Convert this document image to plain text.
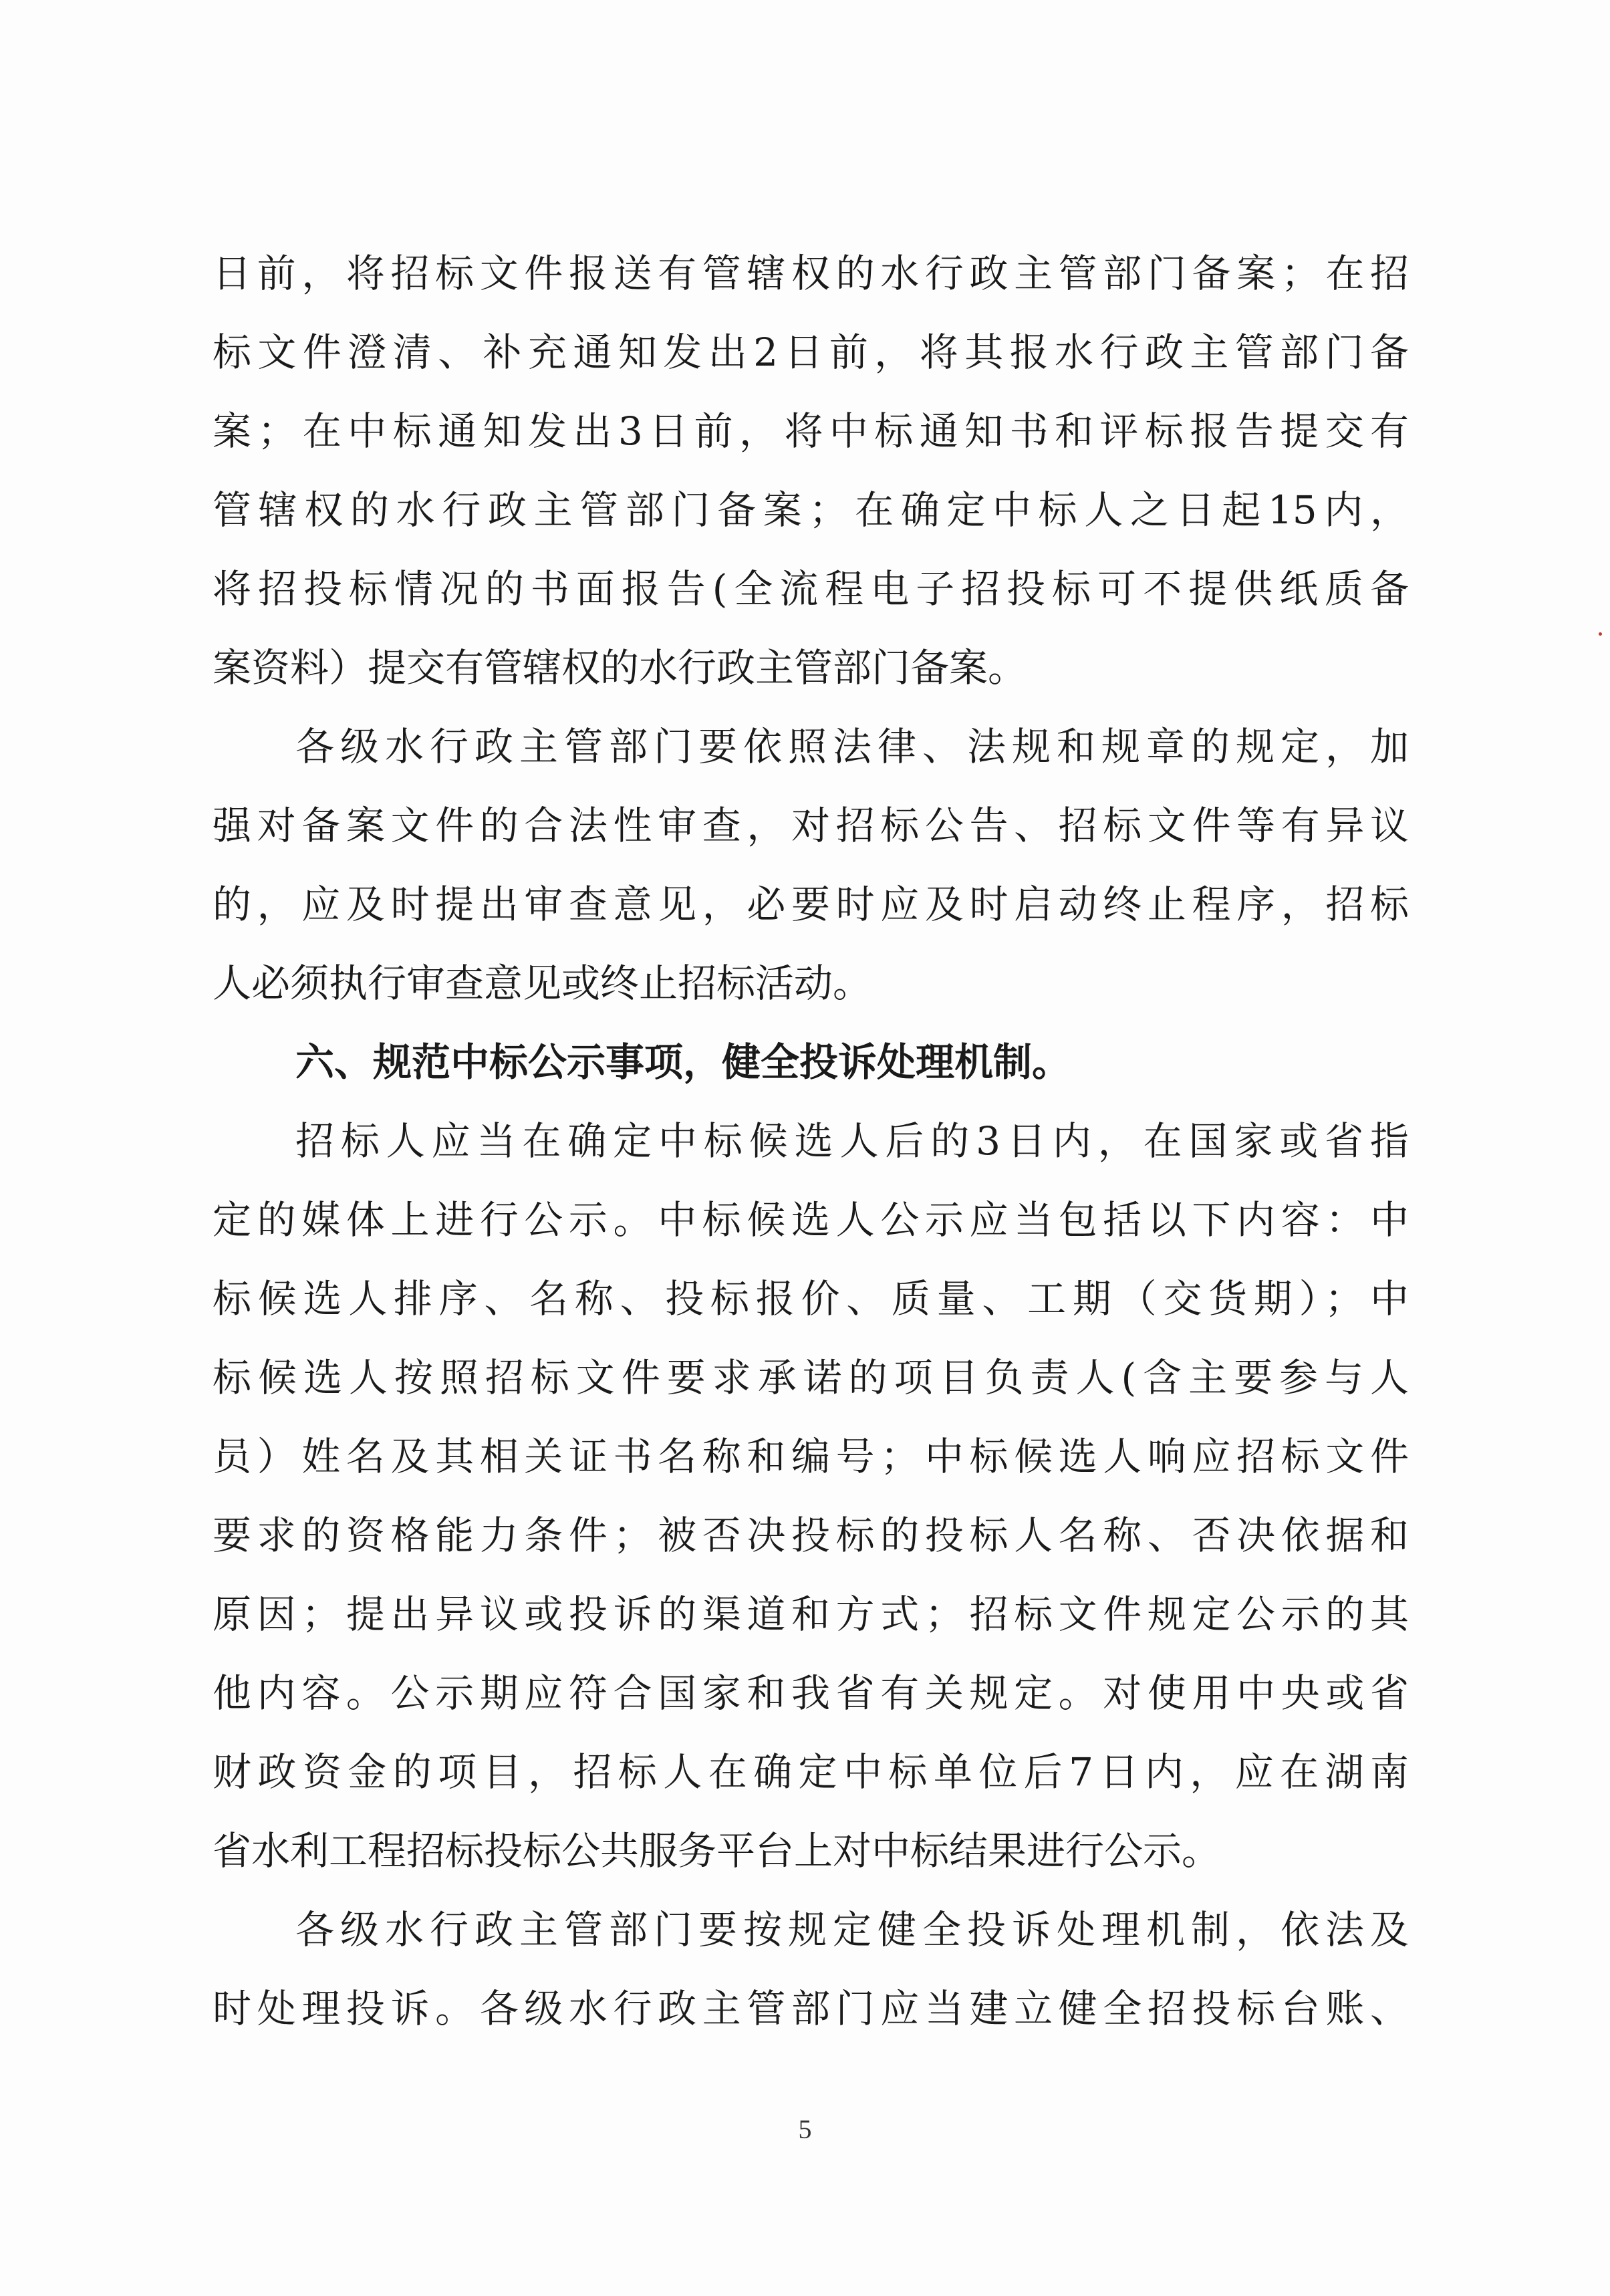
日前，将招标文件报送有管辖权的水行政主管部门备案；在招
标文件澄清、补充通知发出2日前，将其报水行政主管部门备
案；在中标通知发出3日前，将中标通知书和评标报告提交有
管辖权的水行政主管部门备案；在确定中标人之日起15内，
将招投标情况的书面报告(全流程电子招投标可不提供纸质备
案资料）提交有管辖权的水行政主管部门备案。
各级水行政主管部门要依照法律、法规和规章的规定，加
强对备案文件的合法性审查，对招标公告、招标文件等有异议
的，应及时提出审查意见，必要时应及时启动终止程序，招标
人必须执行审查意见或终止招标活动。
六、规范中标公示事项，健全投诉处理机制。
招标人应当在确定中标候选人后的3日内，在国家或省指
定的媒体上进行公示。中标候选人公示应当包括以下内容：中
标候选人排序、名称、投标报价、质量、工期（交货期）；中
标候选人按照招标文件要求承诺的项目负责人(含主要参与人
员）姓名及其相关证书名称和编号；中标候选人响应招标文件
要求的资格能力条件；被否决投标的投标人名称、否决依据和
原因；提出异议或投诉的渠道和方式；招标文件规定公示的其
他内容。公示期应符合国家和我省有关规定。对使用中央或省
财政资金的项目，招标人在确定中标单位后7日内，应在湖南
省水利工程招标投标公共服务平台上对中标结果进行公示。
各级水行政主管部门要按规定健全投诉处理机制，依法及
时处理投诉。各级水行政主管部门应当建立健全招投标台账、
5
